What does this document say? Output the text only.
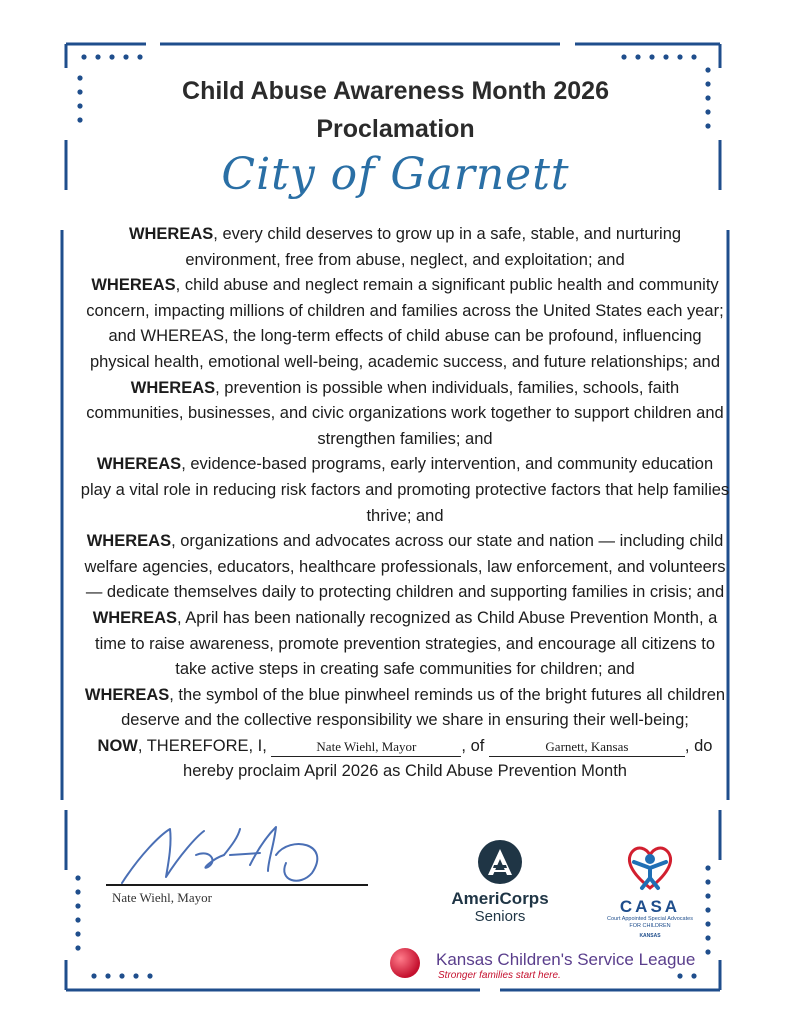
Child Abuse Awareness Month 2026
Proclamation
City of Garnett
WHEREAS, every child deserves to grow up in a safe, stable, and nurturing environment, free from abuse, neglect, and exploitation; and
WHEREAS, child abuse and neglect remain a significant public health and community concern, impacting millions of children and families across the United States each year; and WHEREAS, the long-term effects of child abuse can be profound, influencing physical health, emotional well-being, academic success, and future relationships; and
WHEREAS, prevention is possible when individuals, families, schools, faith communities, businesses, and civic organizations work together to support children and strengthen families; and
WHEREAS, evidence-based programs, early intervention, and community education play a vital role in reducing risk factors and promoting protective factors that help families thrive; and
WHEREAS, organizations and advocates across our state and nation — including child welfare agencies, educators, healthcare professionals, law enforcement, and volunteers — dedicate themselves daily to protecting children and supporting families in crisis; and
WHEREAS, April has been nationally recognized as Child Abuse Prevention Month, a time to raise awareness, promote prevention strategies, and encourage all citizens to take active steps in creating safe communities for children; and
WHEREAS, the symbol of the blue pinwheel reminds us of the bright futures all children deserve and the collective responsibility we share in ensuring their well-being;
NOW, THEREFORE, I,	Nate Wiehl, Mayor	, of	Garnett, Kansas	, do hereby proclaim April 2026 as Child Abuse Prevention Month
Nate Wiehl, Mayor	AmeriCorps
Seniors
CASA
Court Appointed Special Advocates
FOR CHILDREN
KANSAS
Kansas Children's Service League
Stronger families start here.
